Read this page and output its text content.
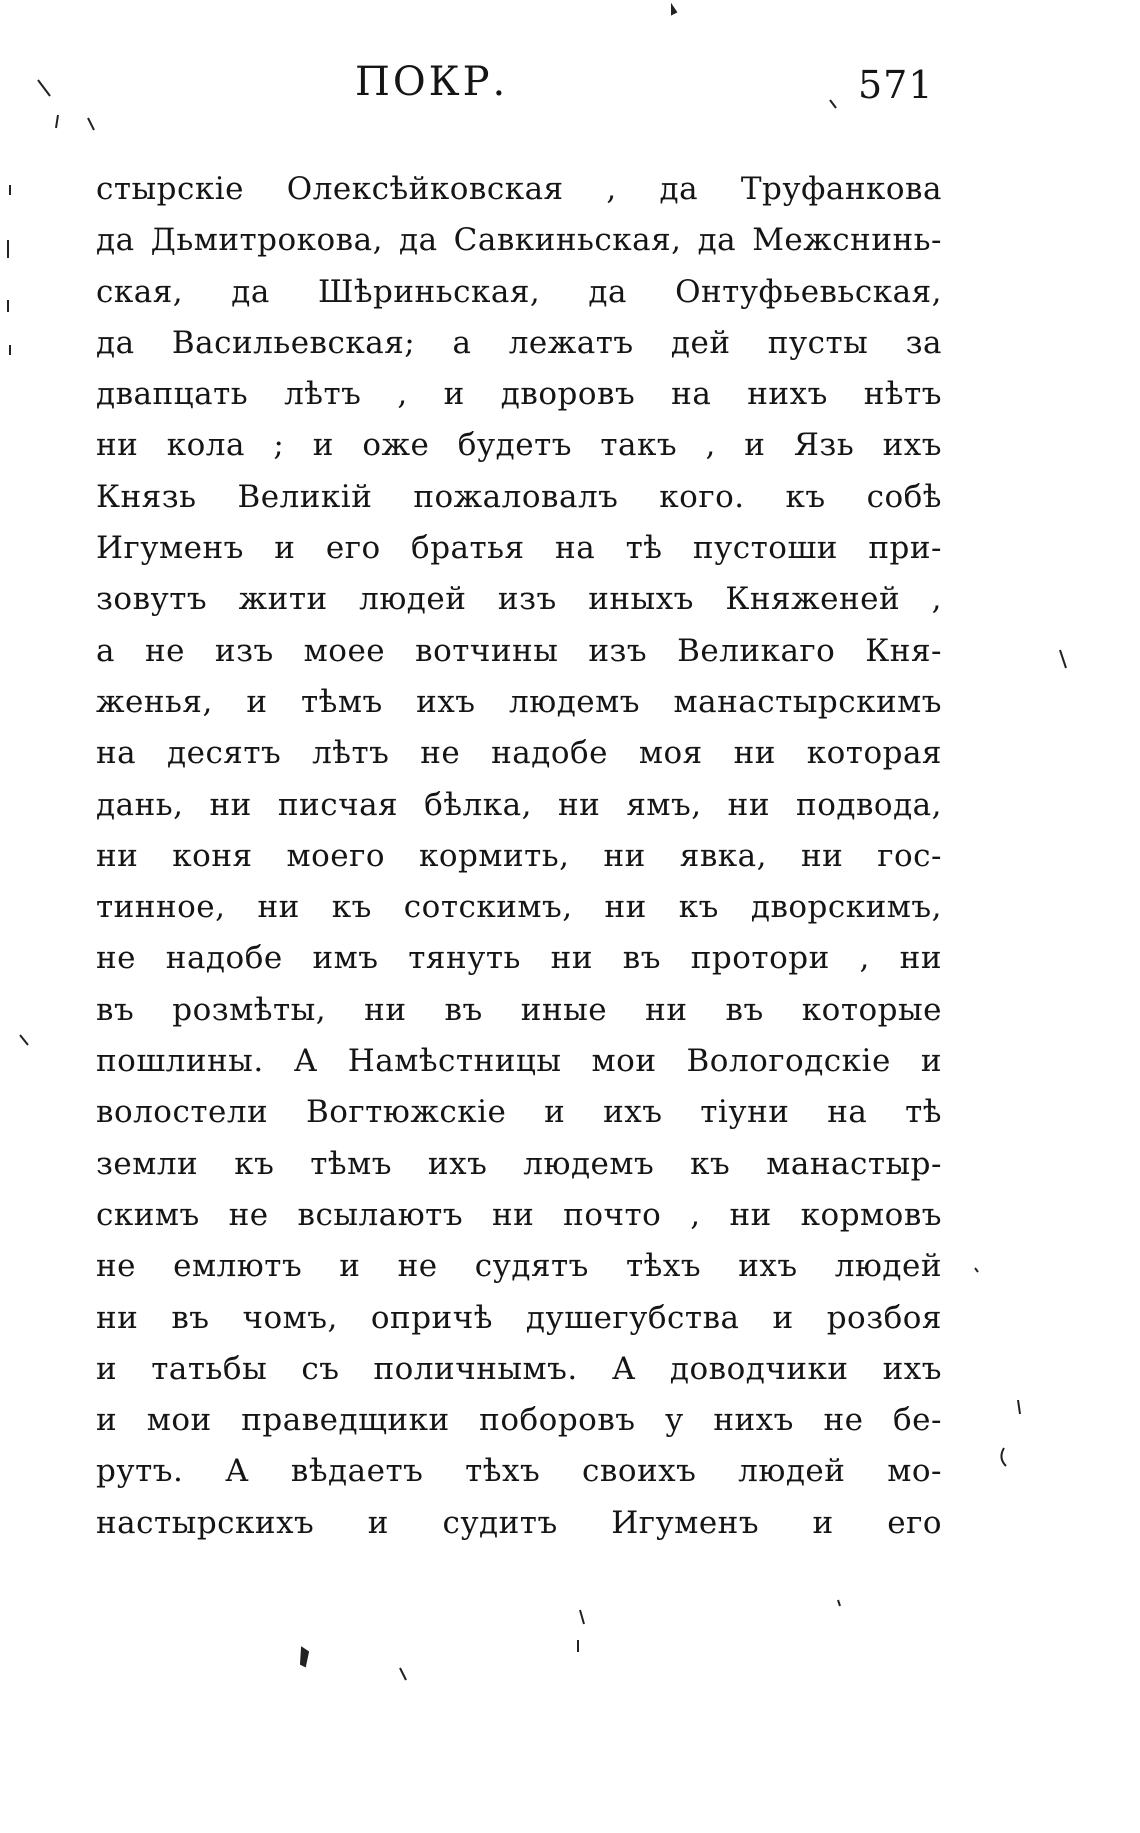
ПОКР.	571
стырскіе Олексѣйковская , да Труфанкова
да Дьмитрокова, да Савкиньская, да Межснинь-
ская, да Шѣриньская, да Онтуфьевьская,
да Васильевская; а лежатъ дей пусты за
двапцать лѣтъ , и дворовъ на нихъ нѣтъ
ни кола ; и оже будетъ такъ , и Язь ихъ
Князь Великій пожаловалъ кого. къ собѣ
Игуменъ и его братья на тѣ пустоши при-
зовутъ жити людей изъ иныхъ Княженей ,
а не изъ моее вотчины изъ Великаго Кня-
женья, и тѣмъ ихъ людемъ манастырскимъ
на десятъ лѣтъ не надобе моя ни которая
дань, ни писчая бѣлка, ни ямъ, ни подвода,
ни коня моего кормить, ни явка, ни гос-
тинное, ни къ сотскимъ, ни къ дворскимъ,
не надобе имъ тянуть ни въ протори , ни
въ розмѣты, ни въ иные ни въ которые
пошлины. А Намѣстницы мои Вологодскіе и
волостели Вогтюжскіе и ихъ тіуни на тѣ
земли къ тѣмъ ихъ людемъ къ манастыр-
скимъ не всылаютъ ни почто , ни кормовъ
не емлютъ и не судятъ тѣхъ ихъ людей
ни въ чомъ, опричѣ душегубства и розбоя
и татьбы съ поличнымъ. А доводчики ихъ
и мои праведщики поборовъ у нихъ не бе-
рутъ. А вѣдаетъ тѣхъ своихъ людей мо-
настырскихъ и судитъ Игуменъ и его
